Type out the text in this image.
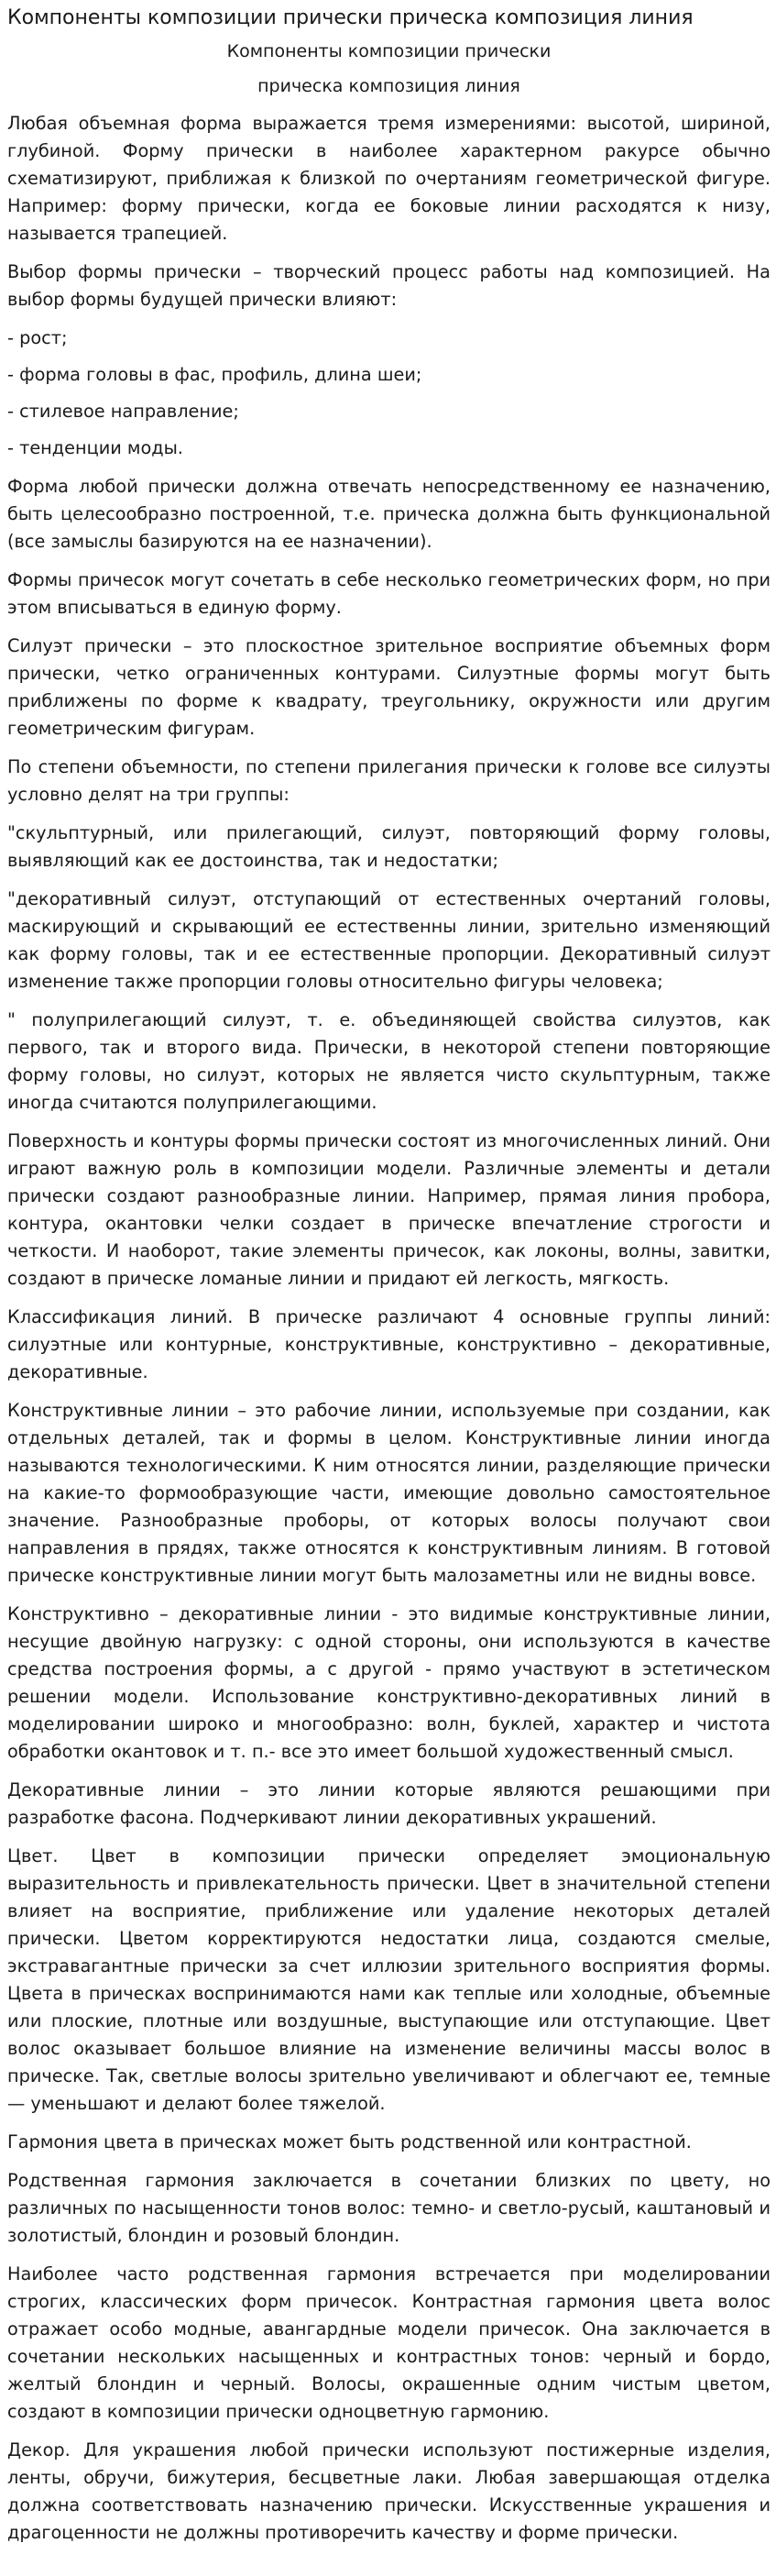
Компоненты композиции прически прическа композиция линия
Компоненты композиции прически
прическа композиция линия

Любая объемная форма выражается тремя измерениями: высотой, шириной, глубиной. Форму прически в наиболее характерном ракурсе обычно схематизируют, приближая к близкой по очертаниям геометрической фигуре. Например: форму прически, когда ее боковые линии расходятся к низу, называется трапецией.

Выбор формы прически – творческий процесс работы над композицией. На выбор формы будущей прически влияют:

- рост;

- форма головы в фас, профиль, длина шеи;

- стилевое направление;

- тенденции моды.

Форма любой прически должна отвечать непосредственному ее назначению, быть целесообразно построенной, т.е. прическа должна быть функциональной (все замыслы базируются на ее назначении).

Формы причесок могут сочетать в себе несколько геометрических форм, но при этом вписываться в единую форму.

Силуэт прически – это плоскостное зрительное восприятие объемных форм прически, четко ограниченных контурами. Силуэтные формы могут быть приближены по форме к квадрату, треугольнику, окружности или другим геометрическим фигурам.

По степени объемности, по степени прилегания прически к голове все силуэты условно делят на три группы:

"скульптурный, или прилегающий, силуэт, повторяющий форму головы, выявляющий как ее достоинства, так и недостатки;

"декоративный силуэт, отступающий от естественных очертаний головы, маскирующий и скрывающий ее естественны линии, зрительно изменяющий как форму головы, так и ее естественные пропорции. Декоративный силуэт изменение также пропорции головы относительно фигуры человека;

" полуприлегающий силуэт, т. е. объединяющей свойства силуэтов, как первого, так и второго вида. Прически, в некоторой степени повторяющие форму головы, но силуэт, которых не является чисто скульптурным, также иногда считаются полуприлегающими.

Поверхность и контуры формы прически состоят из многочисленных линий. Они играют важную роль в композиции модели. Различные элементы и детали прически создают разнообразные линии. Например, прямая линия пробора, контура, окантовки челки создает в прическе впечатление строгости и четкости. И наоборот, такие элементы причесок, как локоны, волны, завитки, создают в прическе ломаные линии и придают ей легкость, мягкость.

Классификация линий. В прическе различают 4 основные группы линий: силуэтные или контурные, конструктивные, конструктивно – декоративные, декоративные.

Конструктивные линии – это рабочие линии, используемые при создании, как отдельных деталей, так и формы в целом. Конструктивные линии иногда называются технологическими. К ним относятся линии, разделяющие прически на какие-то формообразующие части, имеющие довольно самостоятельное значение. Разнообразные проборы, от которых волосы получают свои направления в прядях, также относятся к конструктивным линиям. В готовой прическе конструктивные линии могут быть малозаметны или не видны вовсе.

Конструктивно – декоративные линии - это видимые конструктивные линии, несущие двойную нагрузку: с одной стороны, они используются в качестве средства построения формы, а с другой - прямо участвуют в эстетическом решении модели. Использование конструктивно-декоративных линий в моделировании широко и многообразно: волн, буклей, характер и чистота обработки окантовок и т. п.- все это имеет большой художественный смысл.

Декоративные линии – это линии которые являются решающими при разработке фасона. Подчеркивают линии декоративных украшений.

Цвет. Цвет в композиции прически определяет эмоциональную выразительность и привлекательность прически. Цвет в значительной степени влияет на восприятие, приближение или удаление некоторых деталей прически. Цветом корректируются недостатки лица, создаются смелые, экстравагантные прически за счет иллюзии зрительного восприятия формы. Цвета в прическах воспринимаются нами как теплые или холодные, объемные или плоские, плотные или воздушные, выступающие или отступающие. Цвет волос оказывает большое влияние на изменение величины массы волос в прическе. Так, светлые волосы зрительно увеличивают и облегчают ее, темные — уменьшают и делают более тяжелой.

Гармония цвета в прическах может быть родственной или контрастной.

Родственная гармония заключается в сочетании близких по цвету, но различных по насыщенности тонов волос: темно- и светло-русый, каштановый и золотистый, блондин и розовый блондин.

Наиболее часто родственная гармония встречается при моделировании строгих, классических форм причесок. Контрастная гармония цвета волос отражает особо модные, авангардные модели причесок. Она заключается в сочетании нескольких насыщенных и контрастных тонов: черный и бордо, желтый блондин и черный. Волосы, окрашенные одним чистым цветом, создают в композиции прически одноцветную гармонию.

Декор. Для украшения любой прически используют постижерные изделия, ленты, обручи, бижутерия, бесцветные лаки. Любая завершающая отделка должна соответствовать назначению прически. Искусственные украшения и драгоценности не должны противоречить качеству и форме прически.
